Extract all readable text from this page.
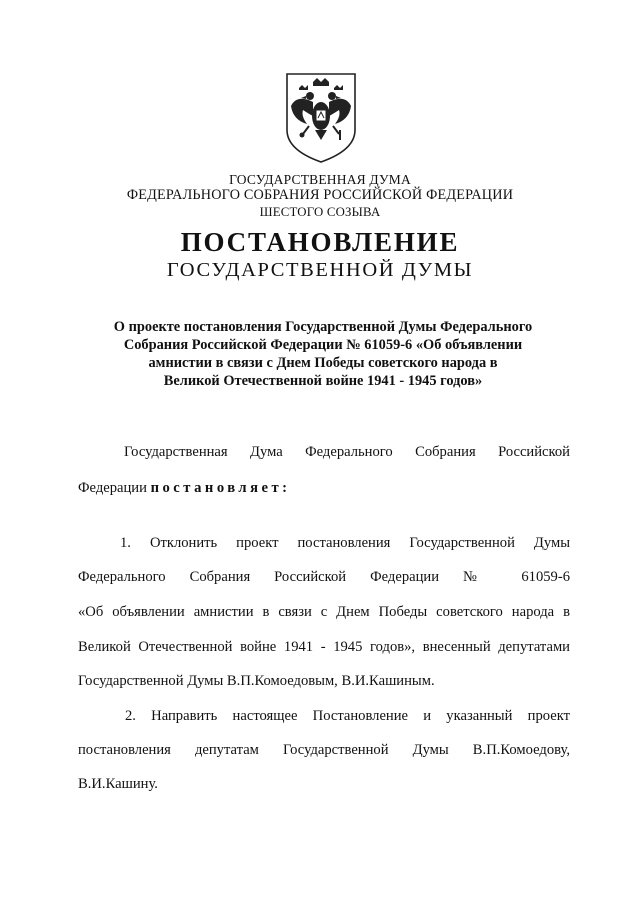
ГОСУДАРСТВЕННАЯ ДУМА
ФЕДЕРАЛЬНОГО СОБРАНИЯ РОССИЙСКОЙ ФЕДЕРАЦИИ
ШЕСТОГО СОЗЫВА
ПОСТАНОВЛЕНИЕ
ГОСУДАРСТВЕННОЙ ДУМЫ
О проекте постановления Государственной Думы Федерального
Собрания Российской Федерации № 61059-6 «Об объявлении
амнистии в связи с Днем Победы советского народа в
Великой Отечественной войне 1941 - 1945 годов»
Государственная Дума Федерального Собрания Российской
Федерации постановляет:
1. Отклонить проект постановления Государственной Думы
Федерального Собрания Российской Федерации № 61059-6
«Об объявлении амнистии в связи с Днем Победы советского народа в
Великой Отечественной войне 1941 - 1945 годов», внесенный депутатами
Государственной Думы В.П.Комоедовым, В.И.Кашиным.
2. Направить настоящее Постановление и указанный проект
постановления депутатам Государственной Думы В.П.Комоедову,
В.И.Кашину.
